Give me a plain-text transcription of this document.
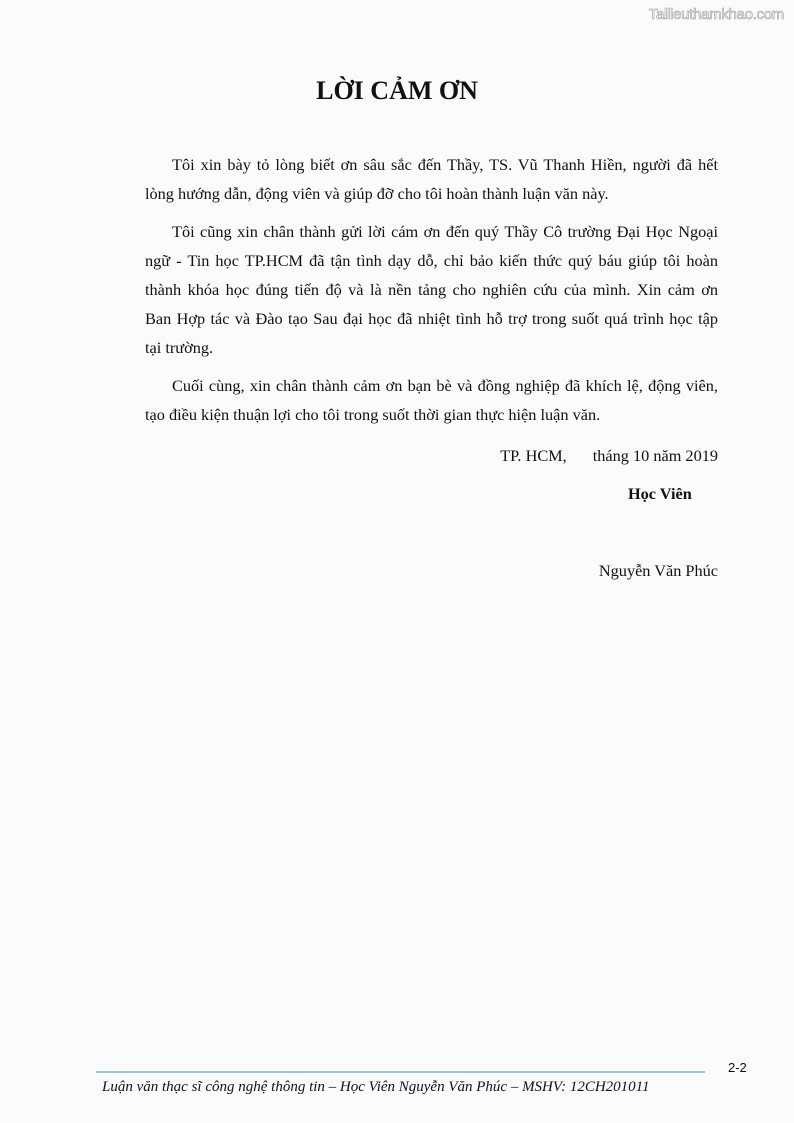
Tailieuthamkhao.com
LỜI CẢM ƠN
Tôi xin bày tỏ lòng biết ơn sâu sắc đến Thầy, TS. Vũ Thanh Hiền, người đã hết
lòng hướng dẫn, động viên và giúp đỡ cho tôi hoàn thành luận văn này.
Tôi cũng xin chân thành gửi lời cám ơn đến quý Thầy Cô trường Đại Học Ngoại
ngữ - Tin học TP.HCM đã tận tình dạy dỗ, chỉ bảo kiến thức quý báu giúp tôi hoàn
thành khóa học đúng tiến độ và là nền tảng cho nghiên cứu của mình. Xin cảm ơn
Ban Hợp tác và Đào tạo Sau đại học đã nhiệt tình hỗ trợ trong suốt quá trình học tập
tại trường.
Cuối cùng, xin chân thành cảm ơn bạn bè và đồng nghiệp đã khích lệ, động viên,
tạo điều kiện thuận lợi cho tôi trong suốt thời gian thực hiện luận văn.
TP. HCM, tháng 10 năm 2019
Học Viên
Nguyễn Văn Phúc
2-2
Luận văn thạc sĩ công nghệ thông tin – Học Viên Nguyễn Văn Phúc – MSHV: 12CH201011
